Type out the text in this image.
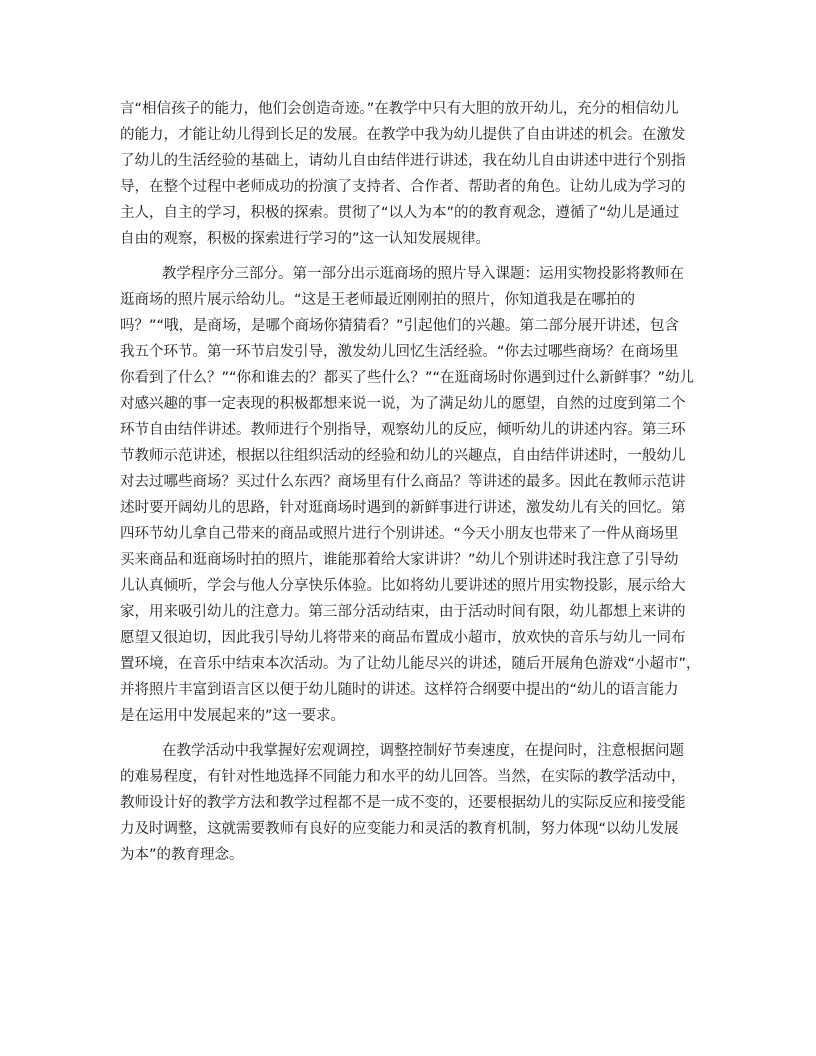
言“相信孩子的能力，他们会创造奇迹。”在教学中只有大胆的放开幼儿，充分的相信幼儿
的能力，才能让幼儿得到长足的发展。在教学中我为幼儿提供了自由讲述的机会。在激发
了幼儿的生活经验的基础上，请幼儿自由结伴进行讲述，我在幼儿自由讲述中进行个别指
导，在整个过程中老师成功的扮演了支持者、合作者、帮助者的角色。让幼儿成为学习的
主人，自主的学习，积极的探索。贯彻了“以人为本”的的教育观念，遵循了“幼儿是通过
自由的观察，积极的探索进行学习的”这一认知发展规律。
教学程序分三部分。第一部分出示逛商场的照片导入课题：运用实物投影将教师在
逛商场的照片展示给幼儿。“这是王老师最近刚刚拍的照片，你知道我是在哪拍的
吗？”“哦，是商场，是哪个商场你猜猜看？”引起他们的兴趣。第二部分展开讲述，包含
我五个环节。第一环节启发引导，激发幼儿回忆生活经验。“你去过哪些商场？在商场里
你看到了什么？”“你和谁去的？都买了些什么？”“在逛商场时你遇到过什么新鲜事？”幼儿
对感兴趣的事一定表现的积极都想来说一说，为了满足幼儿的愿望，自然的过度到第二个
环节自由结伴讲述。教师进行个别指导，观察幼儿的反应，倾听幼儿的讲述内容。第三环
节教师示范讲述，根据以往组织活动的经验和幼儿的兴趣点，自由结伴讲述时，一般幼儿
对去过哪些商场？买过什么东西？商场里有什么商品？等讲述的最多。因此在教师示范讲
述时要开阔幼儿的思路，针对逛商场时遇到的新鲜事进行讲述，激发幼儿有关的回忆。第
四环节幼儿拿自己带来的商品或照片进行个别讲述。“今天小朋友也带来了一件从商场里
买来商品和逛商场时拍的照片，谁能那着给大家讲讲？”幼儿个别讲述时我注意了引导幼
儿认真倾听，学会与他人分享快乐体验。比如将幼儿要讲述的照片用实物投影，展示给大
家，用来吸引幼儿的注意力。第三部分活动结束，由于活动时间有限，幼儿都想上来讲的
愿望又很迫切，因此我引导幼儿将带来的商品布置成小超市，放欢快的音乐与幼儿一同布
置环境，在音乐中结束本次活动。为了让幼儿能尽兴的讲述，随后开展角色游戏“小超市”，
并将照片丰富到语言区以便于幼儿随时的讲述。这样符合纲要中提出的“幼儿的语言能力
是在运用中发展起来的”这一要求。
在教学活动中我掌握好宏观调控，调整控制好节奏速度，在提问时，注意根据问题
的难易程度，有针对性地选择不同能力和水平的幼儿回答。当然，在实际的教学活动中，
教师设计好的教学方法和教学过程都不是一成不变的，还要根据幼儿的实际反应和接受能
力及时调整，这就需要教师有良好的应变能力和灵活的教育机制，努力体现“以幼儿发展
为本”的教育理念。
